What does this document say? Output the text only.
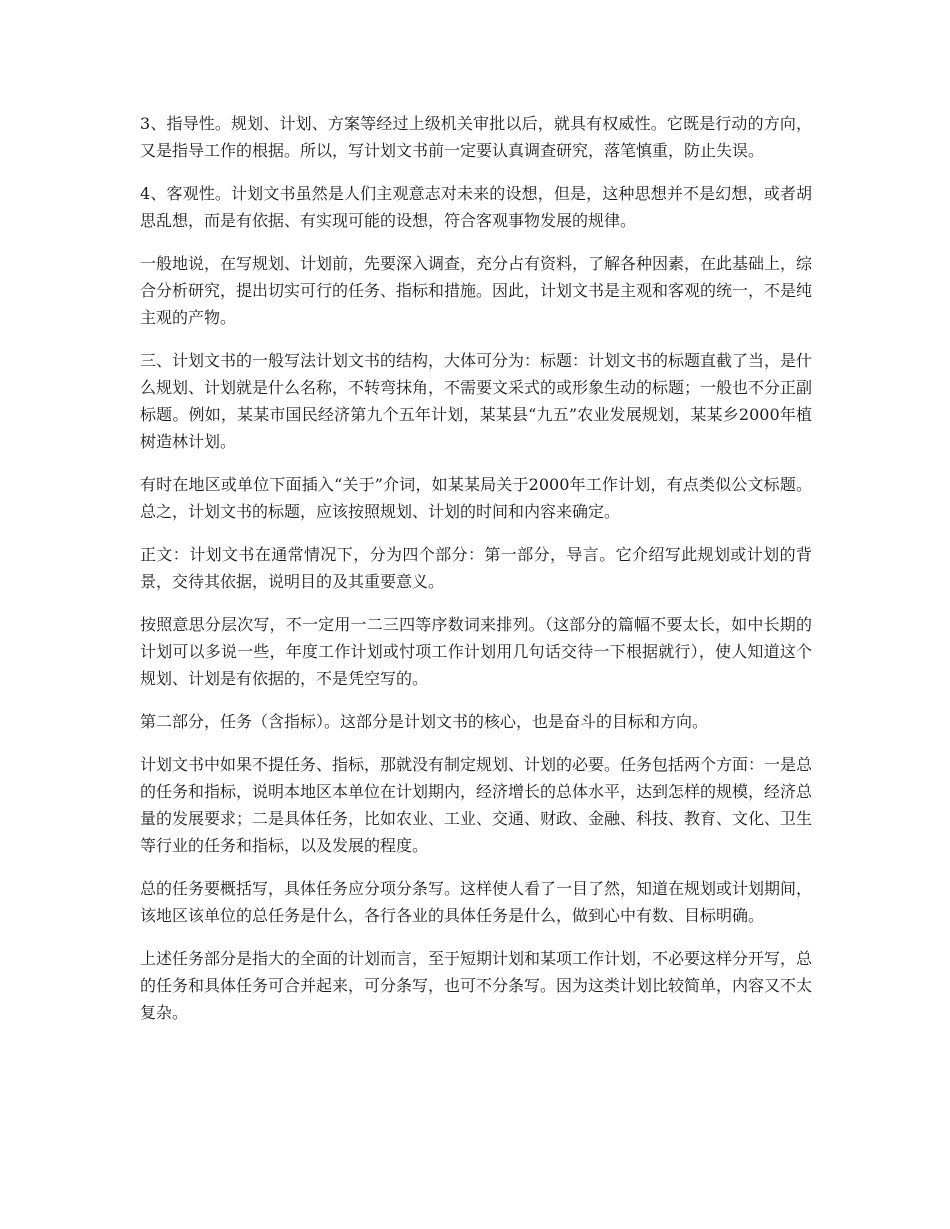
3、指导性。规划、计划、方案等经过上级机关审批以后，就具有权威性。它既是行动的方向，又是指导工作的根据。所以，写计划文书前一定要认真调查研究，落笔慎重，防止失误。

4、客观性。计划文书虽然是人们主观意志对未来的设想，但是，这种思想并不是幻想，或者胡思乱想，而是有依据、有实现可能的设想，符合客观事物发展的规律。

一般地说，在写规划、计划前，先要深入调查，充分占有资料，了解各种因素，在此基础上，综合分析研究，提出切实可行的任务、指标和措施。因此，计划文书是主观和客观的统一，不是纯主观的产物。

三、计划文书的一般写法计划文书的结构，大体可分为：标题：计划文书的标题直截了当，是什么规划、计划就是什么名称，不转弯抹角，不需要文采式的或形象生动的标题；一般也不分正副标题。例如，某某市国民经济第九个五年计划，某某县“九五”农业发展规划，某某乡2000年植树造林计划。

有时在地区或单位下面插入“关于”介词，如某某局关于2000年工作计划，有点类似公文标题。总之，计划文书的标题，应该按照规划、计划的时间和内容来确定。

正文：计划文书在通常情况下，分为四个部分：第一部分，导言。它介绍写此规划或计划的背景，交待其依据，说明目的及其重要意义。

按照意思分层次写，不一定用一二三四等序数词来排列。（这部分的篇幅不要太长，如中长期的计划可以多说一些，年度工作计划或忖项工作计划用几句话交待一下根据就行），使人知道这个规划、计划是有依据的，不是凭空写的。

第二部分，任务（含指标）。这部分是计划文书的核心，也是奋斗的目标和方向。

计划文书中如果不提任务、指标，那就没有制定规划、计划的必要。任务包括两个方面：一是总的任务和指标，说明本地区本单位在计划期内，经济增长的总体水平，达到怎样的规模，经济总量的发展要求；二是具体任务，比如农业、工业、交通、财政、金融、科技、教育、文化、卫生等行业的任务和指标，以及发展的程度。

总的任务要概括写，具体任务应分项分条写。这样使人看了一目了然，知道在规划或计划期间，该地区该单位的总任务是什么，各行各业的具体任务是什么，做到心中有数、目标明确。

上述任务部分是指大的全面的计划而言，至于短期计划和某项工作计划，不必要这样分开写，总的任务和具体任务可合并起来，可分条写，也可不分条写。因为这类计划比较简单，内容又不太复杂。
